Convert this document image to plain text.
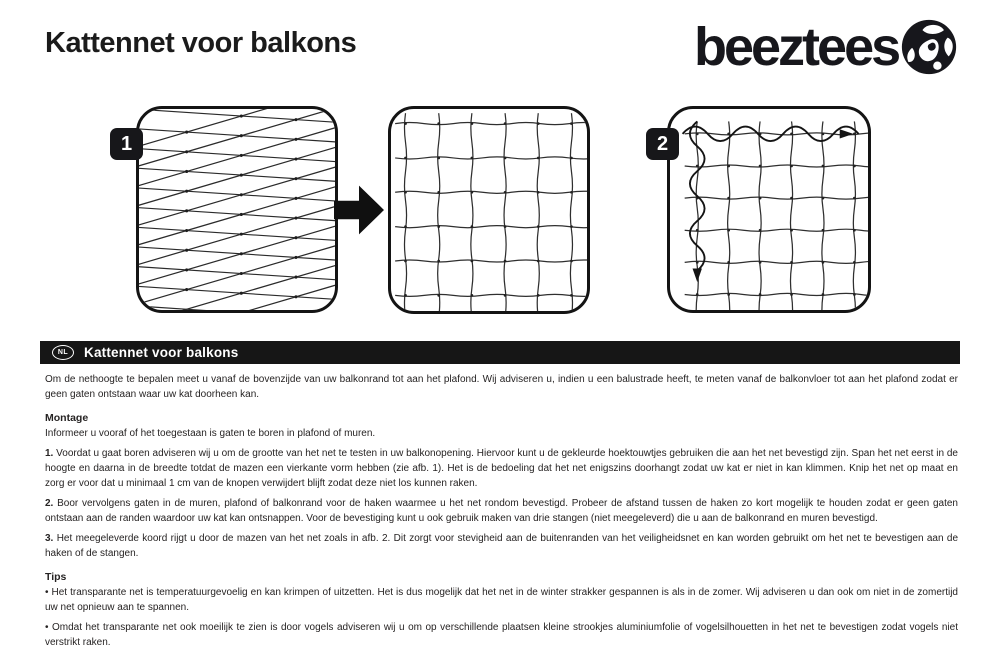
Kattennet voor balkons	beeztees
1	2
NL	Kattennet voor balkons

Om de nethoogte te bepalen meet u vanaf de bovenzijde van uw balkonrand tot aan het plafond. Wij adviseren u, indien u een balustrade heeft, te meten vanaf de balkonvloer tot aan het plafond zodat er geen gaten ontstaan waar uw kat doorheen kan.

Montage

Informeer u vooraf of het toegestaan is gaten te boren in plafond of muren.

1. Voordat u gaat boren adviseren wij u om de grootte van het net te testen in uw balkonopening. Hiervoor kunt u de gekleurde hoektouwtjes gebruiken die aan het net bevestigd zijn. Span het net eerst in de hoogte en daarna in de breedte totdat de mazen een vierkante vorm hebben (zie afb. 1). Het is de bedoeling dat het net enigszins doorhangt zodat uw kat er niet in kan klimmen. Knip het net op maat en zorg er voor dat u minimaal 1 cm van de knopen verwijdert blijft zodat deze niet los kunnen raken.

2. Boor vervolgens gaten in de muren, plafond of balkonrand voor de haken waarmee u het net rondom bevestigd. Probeer de afstand tussen de haken zo kort mogelijk te houden zodat er geen gaten ontstaan aan de randen waardoor uw kat kan ontsnappen. Voor de bevestiging kunt u ook gebruik maken van drie stangen (niet meegeleverd) die u aan de balkonrand en muren bevestigd.

3. Het meegeleverde koord rijgt u door de mazen van het net zoals in afb. 2. Dit zorgt voor stevigheid aan de buitenranden van het veiligheidsnet en kan worden gebruikt om het net te bevestigen aan de haken of de stangen.

Tips

• Het transparante net is temperatuurgevoelig en kan krimpen of uitzetten. Het is dus mogelijk dat het net in de winter strakker gespannen is als in de zomer. Wij adviseren u dan ook om niet in de zomertijd uw net opnieuw aan te spannen.

• Omdat het transparante net ook moeilijk te zien is door vogels adviseren wij u om op verschillende plaatsen kleine strookjes aluminiumfolie of vogelsilhouetten in het net te bevestigen zodat vogels niet verstrikt raken.
